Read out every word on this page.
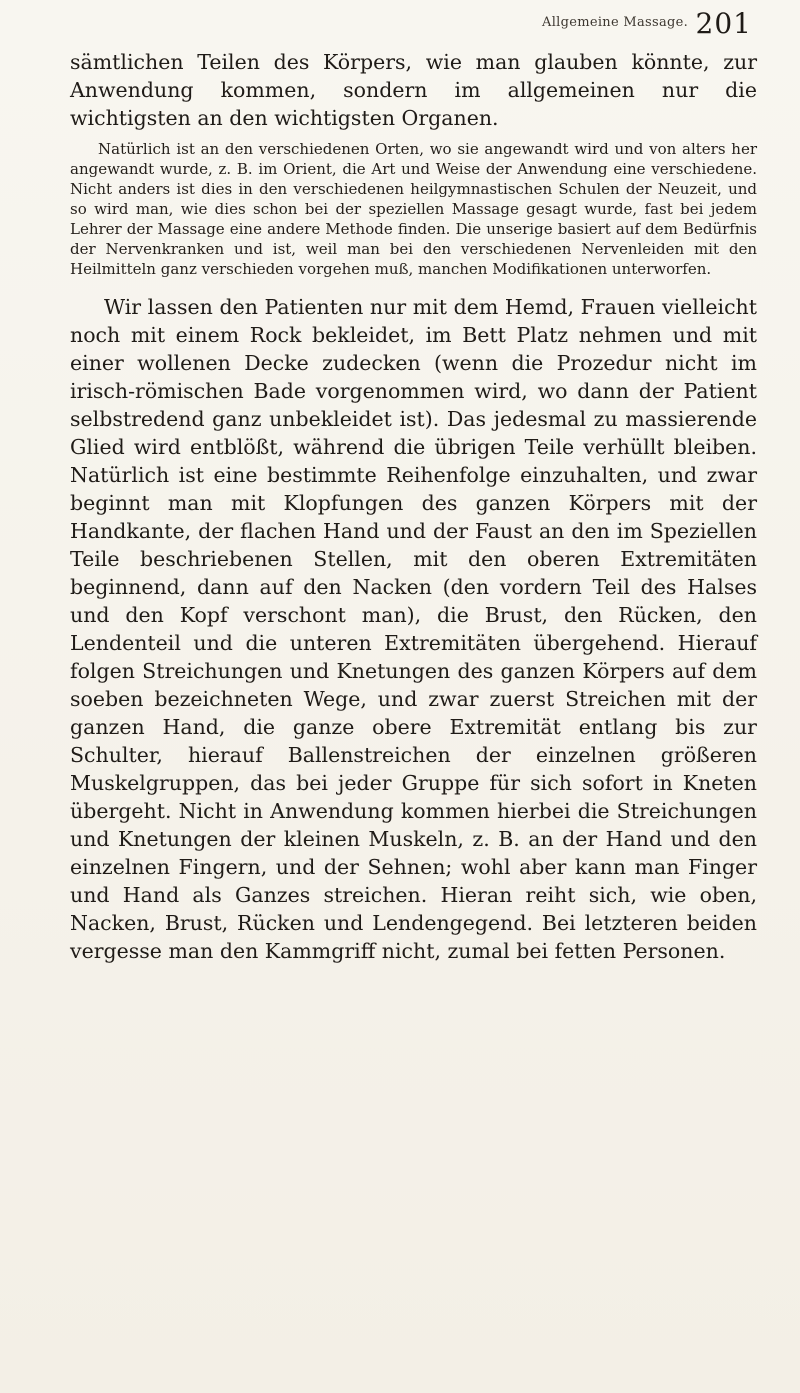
Allgemeine Massage. 201

sämtlichen Teilen des Körpers, wie man glauben könnte, zur Anwendung kommen, sondern im allgemeinen nur die wichtigsten an den wichtigsten Organen.

Natürlich ist an den verschiedenen Orten, wo sie angewandt wird und von alters her angewandt wurde, z. B. im Orient, die Art und Weise der Anwendung eine verschiedene. Nicht anders ist dies in den verschiedenen heilgymnastischen Schulen der Neuzeit, und so wird man, wie dies schon bei der speziellen Massage gesagt wurde, fast bei jedem Lehrer der Massage eine andere Methode finden. Die unserige basiert auf dem Bedürfnis der Nervenkranken und ist, weil man bei den verschiedenen Nervenleiden mit den Heilmitteln ganz verschieden vorgehen muß, manchen Modifikationen unterworfen.

Wir lassen den Patienten nur mit dem Hemd, Frauen vielleicht noch mit einem Rock bekleidet, im Bett Platz nehmen und mit einer wollenen Decke zudecken (wenn die Prozedur nicht im irisch-römischen Bade vorgenommen wird, wo dann der Patient selbstredend ganz unbekleidet ist). Das jedesmal zu massierende Glied wird entblößt, während die übrigen Teile verhüllt bleiben. Natürlich ist eine bestimmte Reihenfolge einzuhalten, und zwar beginnt man mit Klopfungen des ganzen Körpers mit der Handkante, der flachen Hand und der Faust an den im Speziellen Teile beschriebenen Stellen, mit den oberen Extremitäten beginnend, dann auf den Nacken (den vordern Teil des Halses und den Kopf verschont man), die Brust, den Rücken, den Lendenteil und die unteren Extremitäten übergehend. Hierauf folgen Streichungen und Knetungen des ganzen Körpers auf dem soeben bezeichneten Wege, und zwar zuerst Streichen mit der ganzen Hand, die ganze obere Extremität entlang bis zur Schulter, hierauf Ballenstreichen der einzelnen größeren Muskelgruppen, das bei jeder Gruppe für sich sofort in Kneten übergeht. Nicht in Anwendung kommen hierbei die Streichungen und Knetungen der kleinen Muskeln, z. B. an der Hand und den einzelnen Fingern, und der Sehnen; wohl aber kann man Finger und Hand als Ganzes streichen. Hieran reiht sich, wie oben, Nacken, Brust, Rücken und Lendengegend. Bei letzteren beiden vergesse man den Kammgriff nicht, zumal bei fetten Personen.
